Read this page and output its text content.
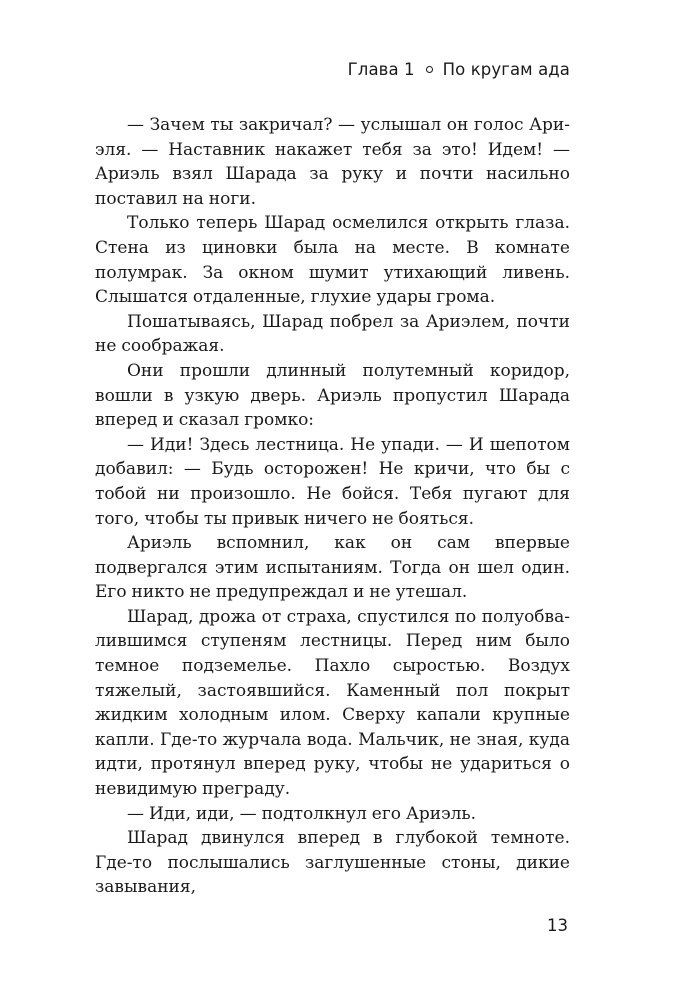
Глава 1 По кругам ада

— Зачем ты закричал? — услышал он голос Ариэля. — Наставник накажет тебя за это! Идем! — Ариэль взял Шарада за руку и почти насильно поставил на ноги.

Только теперь Шарад осмелился открыть глаза. Стена из циновки была на месте. В комнате полумрак. За окном шумит утихающий ливень. Слышатся отдаленные, глухие удары грома.

Пошатываясь, Шарад побрел за Ариэлем, почти не соображая.

Они прошли длинный полутемный коридор, вошли в узкую дверь. Ариэль пропустил Шарада вперед и сказал громко:

— Иди! Здесь лестница. Не упади. — И шепотом добавил: — Будь осторожен! Не кричи, что бы с тобой ни произошло. Не бойся. Тебя пугают для того, чтобы ты привык ничего не бояться.

Ариэль вспомнил, как он сам впервые подвергался этим испытаниям. Тогда он шел один. Его никто не предупреждал и не утешал.

Шарад, дрожа от страха, спустился по полуобвалившимся ступеням лестницы. Перед ним было темное подземелье. Пахло сыростью. Воздух тяжелый, застоявшийся. Каменный пол покрыт жидким холодным илом. Сверху капали крупные капли. Где-то журчала вода. Мальчик, не зная, куда идти, протянул вперед руку, чтобы не удариться о невидимую преграду.

— Иди, иди, — подтолкнул его Ариэль.

Шарад двинулся вперед в глубокой темноте. Где-то послышались заглушенные стоны, дикие завывания,

13
